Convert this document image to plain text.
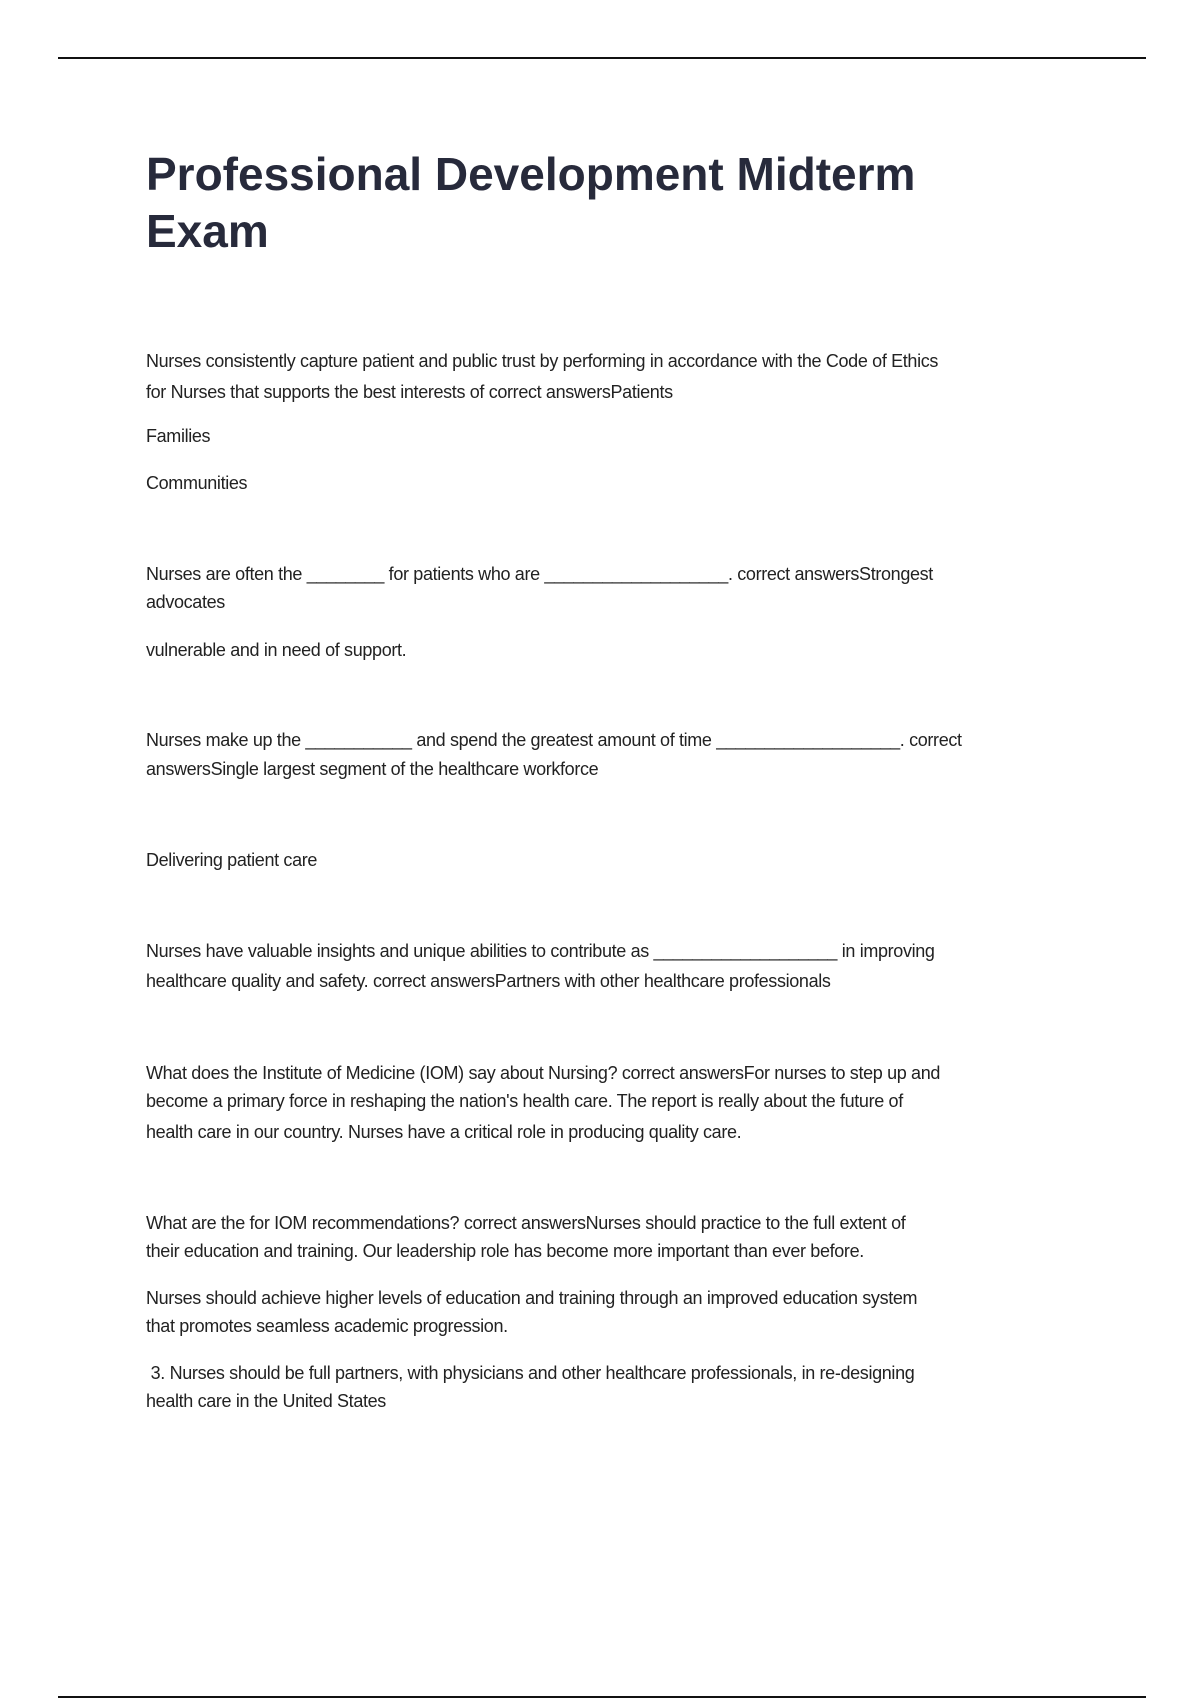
Professional Development Midterm
Exam
Nurses consistently capture patient and public trust by performing in accordance with the Code of Ethics
for Nurses that supports the best interests of correct answersPatients
Families
Communities
Nurses are often the ________ for patients who are ___________________. correct answersStrongest
advocates
vulnerable and in need of support.
Nurses make up the ___________ and spend the greatest amount of time ___________________. correct
answersSingle largest segment of the healthcare workforce
Delivering patient care
Nurses have valuable insights and unique abilities to contribute as ___________________ in improving
healthcare quality and safety. correct answersPartners with other healthcare professionals
What does the Institute of Medicine (IOM) say about Nursing? correct answersFor nurses to step up and
become a primary force in reshaping the nation's health care. The report is really about the future of
health care in our country. Nurses have a critical role in producing quality care.
What are the for IOM recommendations? correct answersNurses should practice to the full extent of
their education and training. Our leadership role has become more important than ever before.
Nurses should achieve higher levels of education and training through an improved education system
that promotes seamless academic progression.
3. Nurses should be full partners, with physicians and other healthcare professionals, in re-designing
health care in the United States
